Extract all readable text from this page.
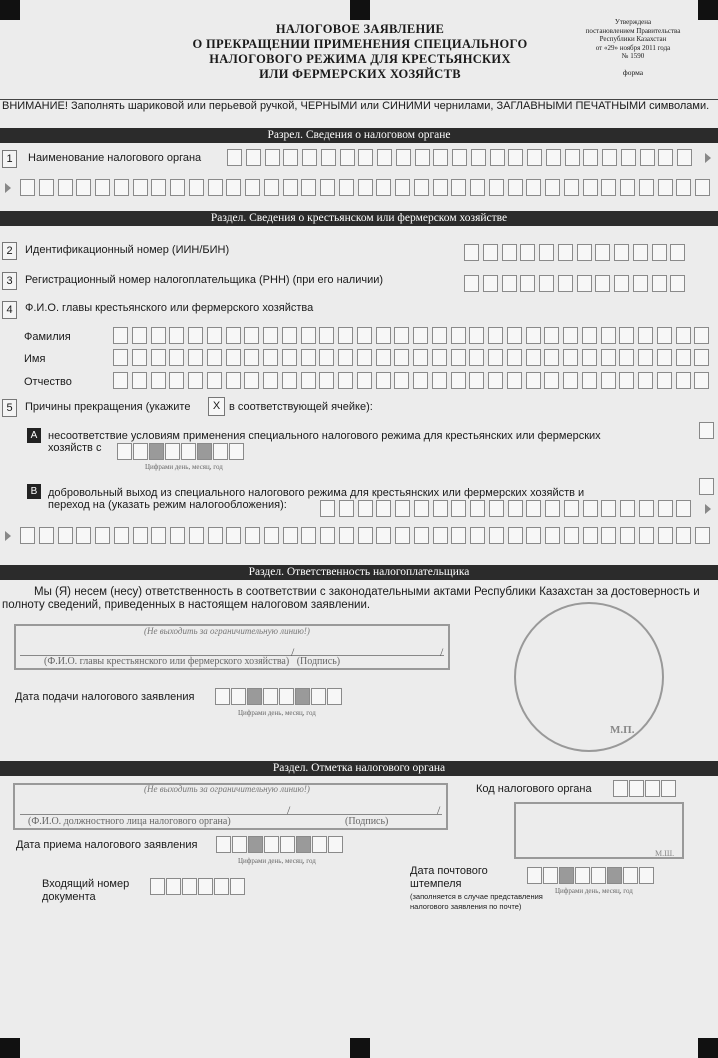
НАЛОГОВОЕ ЗАЯВЛЕНИЕ
О ПРЕКРАЩЕНИИ ПРИМЕНЕНИЯ СПЕЦИАЛЬНОГО
НАЛОГОВОГО РЕЖИМА ДЛЯ КРЕСТЬЯНСКИХ
ИЛИ ФЕРМЕРСКИХ ХОЗЯЙСТВ
Утверждена
постановлением Правительства
Республики Казахстан
от «29» ноября 2011 года
№ 1590
форма
ВНИМАНИЕ! Заполнять шариковой или перьевой ручкой, ЧЕРНЫМИ или СИНИМИ чернилами, ЗАГЛАВНЫМИ ПЕЧАТНЫМИ символами.
Разрел. Сведения о налоговом органе
1	Наименование налогового органа
Раздел. Сведения о крестьянском или фермерском хозяйстве
2	Идентификационный номер (ИИН/БИН)
3	Регистрационный номер налогоплательщика (РНН) (при его наличии)
4	Ф.И.О. главы крестьянского или фермерского хозяйства
Фамилия
Имя
Отчество
5	Причины прекращения (укажите	X в соответствующей ячейке):
A несоответствие условиям применения специального налогового режима для крестьянских или фермерских
хозяйств с
Цифрами день, месяц, год
B добровольный выход из специального налогового режима для крестьянских или фермерских хозяйств и
переход на (указать режим налогообложения):
Раздел. Ответственность налогоплательщика
Мы (Я) несем (несу) ответственность в соответствии с законодательными актами Республики Казахстан за достоверность и полноту сведений, приведенных в настоящем налоговом заявлении.
(Не выходить за ограничительную линию!)
/	/
(Ф.И.О. главы крестьянского или фермерского хозяйства)   (Подпись)
Дата подачи налогового заявления
Цифрами день, месяц, год
М.П.
Раздел. Отметка налогового органа
(Не выходить за ограничительную линию!)
/	/
(Ф.И.О. должностного лица налогового органа)	(Подпись)
Код налогового органа
М.Ш.
Дата приема налогового заявления
Цифрами день, месяц, год
Входящий номер
документа
Дата почтового
штемпеля
(заполняется в случае представления
налогового заявления по почте)
Цифрами день, месяц, год
